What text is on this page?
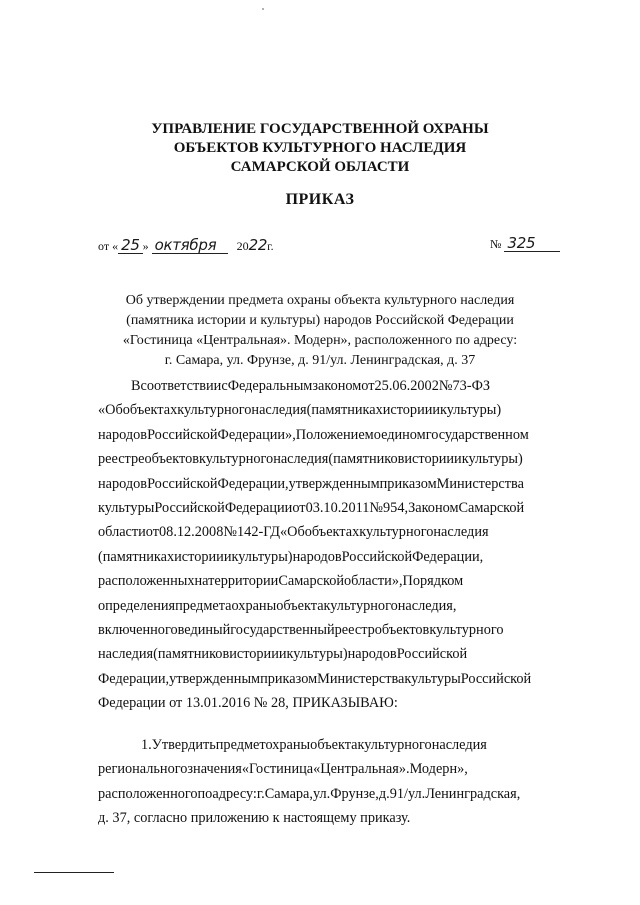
УПРАВЛЕНИЕ ГОСУДАРСТВЕННОЙ ОХРАНЫ
ОБЪЕКТОВ КУЛЬТУРНОГО НАСЛЕДИЯ
САМАРСКОЙ ОБЛАСТИ
ПРИКАЗ
от « 25 » октября 2022г.	№ 325
Об утверждении предмета охраны объекта культурного наследия
(памятника истории и культуры) народов Российской Федерации
«Гостиница «Центральная». Модерн», расположенного по адресу:
г. Самара, ул. Фрунзе, д. 91/ул. Ленинградская, д. 37
ВсоответствиисФедеральнымзакономот25.06.2002№73-ФЗ
«Обобъектахкультурногонаследия(памятникахисторииикультуры)
народовРоссийскойФедерации»,Положениемоединомгосударственном
реестреобъектовкультурногонаследия(памятниковисторииикультуры)
народовРоссийскойФедерации,утвержденнымприказомМинистерства
культурыРоссийскойФедерацииот03.10.2011№954,ЗакономСамарской
областиот08.12.2008№142-ГД«Обобъектахкультурногонаследия
(памятникахисторииикультуры)народовРоссийскойФедерации,
расположенныхнатерриторииСамарскойобласти»,Порядком
определенияпредметаохраныобъектакультурногонаследия,
включенноговединыйгосударственныйреестробъектовкультурного
наследия(памятниковисторииикультуры)народовРоссийской
Федерации,утвержденнымприказомМинистерствакультурыРоссийской
Федерации от 13.01.2016 № 28, ПРИКАЗЫВАЮ:
1.Утвердитьпредметохраныобъектакультурногонаследия
региональногозначения«Гостиница«Центральная».Модерн»,
расположенногопоадресу:г.Самара,ул.Фрунзе,д.91/ул.Ленинградская,
д. 37, согласно приложению к настоящему приказу.
